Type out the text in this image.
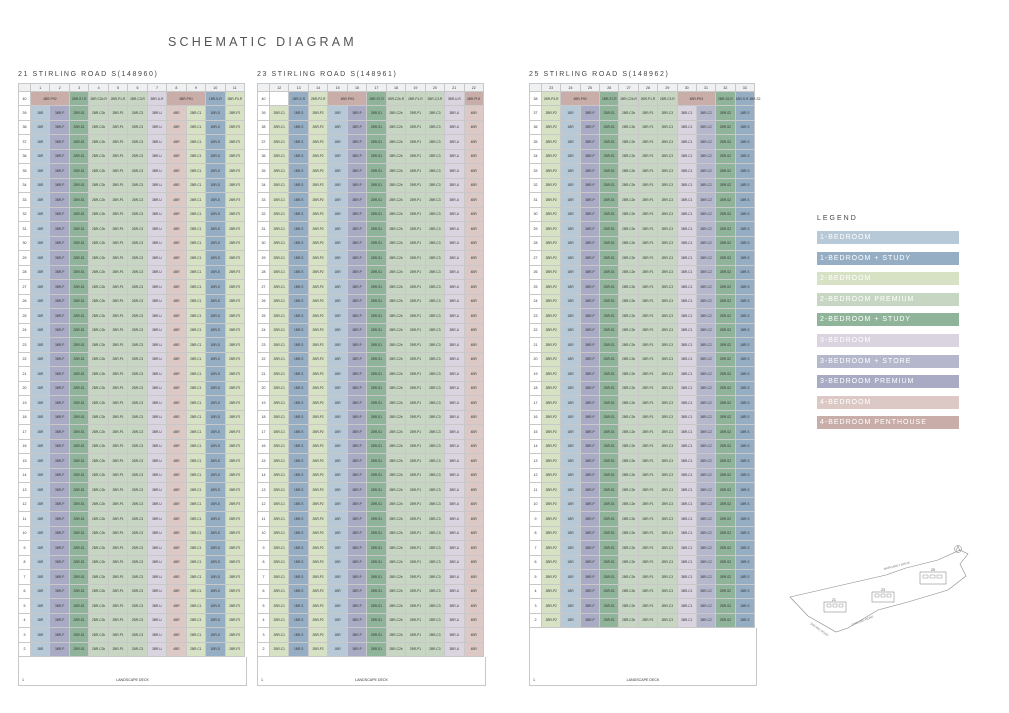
SCHEMATIC DIAGRAM
21 STIRLING ROAD S(148960)
	1	2	3	4	5	6	7	8	9	10	11
40	4BR-PH2		2BR-S7-R	2BR-C2b-R	2BR-P1-R	2BR-C3-R	3BR-U-R	4BR-PH1		1BR-S-R	2BR-P3-R
39	1BR	3BR-P	2BR-S1	2BR-C2b	2BR-P1	2BR-C3	3BR-U	4BR	2BR-C1	1BR-S	2BR-P2
38	1BR	3BR-P	2BR-S1	2BR-C2b	2BR-P1	2BR-C3	3BR-U	4BR	2BR-C1	1BR-S	2BR-P2
37	1BR	3BR-P	2BR-S1	2BR-C2b	2BR-P1	2BR-C3	3BR-U	4BR	2BR-C1	1BR-S	2BR-P2
36	1BR	3BR-P	2BR-S1	2BR-C2b	2BR-P1	2BR-C3	3BR-U	4BR	2BR-C1	1BR-S	2BR-P2
35	1BR	3BR-P	2BR-S1	2BR-C2b	2BR-P1	2BR-C3	3BR-U	4BR	2BR-C1	1BR-S	2BR-P2
34	1BR	3BR-P	2BR-S1	2BR-C2b	2BR-P1	2BR-C3	3BR-U	4BR	2BR-C1	1BR-S	2BR-P2
33	1BR	3BR-P	2BR-S1	2BR-C2b	2BR-P1	2BR-C3	3BR-U	4BR	2BR-C1	1BR-S	2BR-P2
32	1BR	3BR-P	2BR-S1	2BR-C2b	2BR-P1	2BR-C3	3BR-U	4BR	2BR-C1	1BR-S	2BR-P2
31	1BR	3BR-P	2BR-S1	2BR-C2b	2BR-P1	2BR-C3	3BR-U	4BR	2BR-C1	1BR-S	2BR-P2
30	1BR	3BR-P	2BR-S1	2BR-C2b	2BR-P1	2BR-C3	3BR-U	4BR	2BR-C1	1BR-S	2BR-P2
29	1BR	3BR-P	2BR-S1	2BR-C2b	2BR-P1	2BR-C3	3BR-U	4BR	2BR-C1	1BR-S	2BR-P2
28	1BR	3BR-P	2BR-S1	2BR-C2b	2BR-P1	2BR-C3	3BR-U	4BR	2BR-C1	1BR-S	2BR-P2
27	1BR	3BR-P	2BR-S1	2BR-C2b	2BR-P1	2BR-C3	3BR-U	4BR	2BR-C1	1BR-S	2BR-P2
26	1BR	3BR-P	2BR-S1	2BR-C2b	2BR-P1	2BR-C3	3BR-U	4BR	2BR-C1	1BR-S	2BR-P2
25	1BR	3BR-P	2BR-S1	2BR-C2b	2BR-P1	2BR-C3	3BR-U	4BR	2BR-C1	1BR-S	2BR-P2
24	1BR	3BR-P	2BR-S1	2BR-C2b	2BR-P1	2BR-C3	3BR-U	4BR	2BR-C1	1BR-S	2BR-P2
23	1BR	3BR-P	2BR-S1	2BR-C2b	2BR-P1	2BR-C3	3BR-U	4BR	2BR-C1	1BR-S	2BR-P2
22	1BR	3BR-P	2BR-S1	2BR-C2b	2BR-P1	2BR-C3	3BR-U	4BR	2BR-C1	1BR-S	2BR-P2
21	1BR	3BR-P	2BR-S1	2BR-C2b	2BR-P1	2BR-C3	3BR-U	4BR	2BR-C1	1BR-S	2BR-P2
20	1BR	3BR-P	2BR-S1	2BR-C2b	2BR-P1	2BR-C3	3BR-U	4BR	2BR-C1	1BR-S	2BR-P2
19	1BR	3BR-P	2BR-S1	2BR-C2b	2BR-P1	2BR-C3	3BR-U	4BR	2BR-C1	1BR-S	2BR-P2
18	1BR	3BR-P	2BR-S1	2BR-C2b	2BR-P1	2BR-C3	3BR-U	4BR	2BR-C1	1BR-S	2BR-P2
17	1BR	3BR-P	2BR-S1	2BR-C2b	2BR-P1	2BR-C3	3BR-U	4BR	2BR-C1	1BR-S	2BR-P2
16	1BR	3BR-P	2BR-S1	2BR-C2b	2BR-P1	2BR-C3	3BR-U	4BR	2BR-C1	1BR-S	2BR-P2
15	1BR	3BR-P	2BR-S1	2BR-C2b	2BR-P1	2BR-C3	3BR-U	4BR	2BR-C1	1BR-S	2BR-P2
14	1BR	3BR-P	2BR-S1	2BR-C2b	2BR-P1	2BR-C3	3BR-U	4BR	2BR-C1	1BR-S	2BR-P2
13	1BR	3BR-P	2BR-S1	2BR-C2b	2BR-P1	2BR-C3	3BR-U	4BR	2BR-C1	1BR-S	2BR-P2
12	1BR	3BR-P	2BR-S1	2BR-C2b	2BR-P1	2BR-C3	3BR-U	4BR	2BR-C1	1BR-S	2BR-P2
11	1BR	3BR-P	2BR-S1	2BR-C2b	2BR-P1	2BR-C3	3BR-U	4BR	2BR-C1	1BR-S	2BR-P2
10	1BR	3BR-P	2BR-S1	2BR-C2b	2BR-P1	2BR-C3	3BR-U	4BR	2BR-C1	1BR-S	2BR-P2
9	1BR	3BR-P	2BR-S1	2BR-C2b	2BR-P1	2BR-C3	3BR-U	4BR	2BR-C1	1BR-S	2BR-P2
8	1BR	3BR-P	2BR-S1	2BR-C2b	2BR-P1	2BR-C3	3BR-U	4BR	2BR-C1	1BR-S	2BR-P2
7	1BR	3BR-P	2BR-S1	2BR-C2b	2BR-P1	2BR-C3	3BR-U	4BR	2BR-C1	1BR-S	2BR-P2
6	1BR	3BR-P	2BR-S1	2BR-C2b	2BR-P1	2BR-C3	3BR-U	4BR	2BR-C1	1BR-S	2BR-P2
5	1BR	3BR-P	2BR-S1	2BR-C2b	2BR-P1	2BR-C3	3BR-U	4BR	2BR-C1	1BR-S	2BR-P2
4	1BR	3BR-P	2BR-S1	2BR-C2b	2BR-P1	2BR-C3	3BR-U	4BR	2BR-C1	1BR-S	2BR-P2
3	1BR	3BR-P	2BR-S1	2BR-C2b	2BR-P1	2BR-C3	3BR-U	4BR	2BR-C1	1BR-S	2BR-P2
2	1BR	3BR-P	2BR-S1	2BR-C2b	2BR-P1	2BR-C3	3BR-U	4BR	2BR-C1	1BR-S	2BR-P2
1	LANDSCAPE DECK
23 STIRLING ROAD S(148961)
	12	13	14	15	16	17	18	19	20	21	22
40		1BR-S-R	2BR-P2-R	4BR-PH3		2BR-S7-R	2BR-C2b-R	2BR-P1-R	2BR-C3-R	3BR-U-R	4BR-PH1
39	2BR-C1	1BR-S	2BR-P2	1BR	3BR-P	2BR-S1	2BR-C2b	2BR-P1	2BR-C3	3BR-U	4BR
38	2BR-C1	1BR-S	2BR-P2	1BR	3BR-P	2BR-S1	2BR-C2b	2BR-P1	2BR-C3	3BR-U	4BR
37	2BR-C1	1BR-S	2BR-P2	1BR	3BR-P	2BR-S1	2BR-C2b	2BR-P1	2BR-C3	3BR-U	4BR
36	2BR-C1	1BR-S	2BR-P2	1BR	3BR-P	2BR-S1	2BR-C2b	2BR-P1	2BR-C3	3BR-U	4BR
35	2BR-C1	1BR-S	2BR-P2	1BR	3BR-P	2BR-S1	2BR-C2b	2BR-P1	2BR-C3	3BR-U	4BR
34	2BR-C1	1BR-S	2BR-P2	1BR	3BR-P	2BR-S1	2BR-C2b	2BR-P1	2BR-C3	3BR-U	4BR
33	2BR-C1	1BR-S	2BR-P2	1BR	3BR-P	2BR-S1	2BR-C2b	2BR-P1	2BR-C3	3BR-U	4BR
32	2BR-C1	1BR-S	2BR-P2	1BR	3BR-P	2BR-S1	2BR-C2b	2BR-P1	2BR-C3	3BR-U	4BR
31	2BR-C1	1BR-S	2BR-P2	1BR	3BR-P	2BR-S1	2BR-C2b	2BR-P1	2BR-C3	3BR-U	4BR
30	2BR-C1	1BR-S	2BR-P2	1BR	3BR-P	2BR-S1	2BR-C2b	2BR-P1	2BR-C3	3BR-U	4BR
29	2BR-C1	1BR-S	2BR-P2	1BR	3BR-P	2BR-S1	2BR-C2b	2BR-P1	2BR-C3	3BR-U	4BR
28	2BR-C1	1BR-S	2BR-P2	1BR	3BR-P	2BR-S1	2BR-C2b	2BR-P1	2BR-C3	3BR-U	4BR
27	2BR-C1	1BR-S	2BR-P2	1BR	3BR-P	2BR-S1	2BR-C2b	2BR-P1	2BR-C3	3BR-U	4BR
26	2BR-C1	1BR-S	2BR-P2	1BR	3BR-P	2BR-S1	2BR-C2b	2BR-P1	2BR-C3	3BR-U	4BR
25	2BR-C1	1BR-S	2BR-P2	1BR	3BR-P	2BR-S1	2BR-C2b	2BR-P1	2BR-C3	3BR-U	4BR
24	2BR-C1	1BR-S	2BR-P2	1BR	3BR-P	2BR-S1	2BR-C2b	2BR-P1	2BR-C3	3BR-U	4BR
23	2BR-C1	1BR-S	2BR-P2	1BR	3BR-P	2BR-S1	2BR-C2b	2BR-P1	2BR-C3	3BR-U	4BR
22	2BR-C1	1BR-S	2BR-P2	1BR	3BR-P	2BR-S1	2BR-C2b	2BR-P1	2BR-C3	3BR-U	4BR
21	2BR-C1	1BR-S	2BR-P2	1BR	3BR-P	2BR-S1	2BR-C2b	2BR-P1	2BR-C3	3BR-U	4BR
20	2BR-C1	1BR-S	2BR-P2	1BR	3BR-P	2BR-S1	2BR-C2b	2BR-P1	2BR-C3	3BR-U	4BR
19	2BR-C1	1BR-S	2BR-P2	1BR	3BR-P	2BR-S1	2BR-C2b	2BR-P1	2BR-C3	3BR-U	4BR
18	2BR-C1	1BR-S	2BR-P2	1BR	3BR-P	2BR-S1	2BR-C2b	2BR-P1	2BR-C3	3BR-U	4BR
17	2BR-C1	1BR-S	2BR-P2	1BR	3BR-P	2BR-S1	2BR-C2b	2BR-P1	2BR-C3	3BR-U	4BR
16	2BR-C1	1BR-S	2BR-P2	1BR	3BR-P	2BR-S1	2BR-C2b	2BR-P1	2BR-C3	3BR-U	4BR
15	2BR-C1	1BR-S	2BR-P2	1BR	3BR-P	2BR-S1	2BR-C2b	2BR-P1	2BR-C3	3BR-U	4BR
14	2BR-C1	1BR-S	2BR-P2	1BR	3BR-P	2BR-S1	2BR-C2b	2BR-P1	2BR-C3	3BR-U	4BR
13	2BR-C1	1BR-S	2BR-P2	1BR	3BR-P	2BR-S1	2BR-C2b	2BR-P1	2BR-C3	3BR-U	4BR
12	2BR-C1	1BR-S	2BR-P2	1BR	3BR-P	2BR-S1	2BR-C2b	2BR-P1	2BR-C3	3BR-U	4BR
11	2BR-C1	1BR-S	2BR-P2	1BR	3BR-P	2BR-S1	2BR-C2b	2BR-P1	2BR-C3	3BR-U	4BR
10	2BR-C1	1BR-S	2BR-P2	1BR	3BR-P	2BR-S1	2BR-C2b	2BR-P1	2BR-C3	3BR-U	4BR
9	2BR-C1	1BR-S	2BR-P2	1BR	3BR-P	2BR-S1	2BR-C2b	2BR-P1	2BR-C3	3BR-U	4BR
8	2BR-C1	1BR-S	2BR-P2	1BR	3BR-P	2BR-S1	2BR-C2b	2BR-P1	2BR-C3	3BR-U	4BR
7	2BR-C1	1BR-S	2BR-P2	1BR	3BR-P	2BR-S1	2BR-C2b	2BR-P1	2BR-C3	3BR-U	4BR
6	2BR-C1	1BR-S	2BR-P2	1BR	3BR-P	2BR-S1	2BR-C2b	2BR-P1	2BR-C3	3BR-U	4BR
5	2BR-C1	1BR-S	2BR-P2	1BR	3BR-P	2BR-S1	2BR-C2b	2BR-P1	2BR-C3	3BR-U	4BR
4	2BR-C1	1BR-S	2BR-P2	1BR	3BR-P	2BR-S1	2BR-C2b	2BR-P1	2BR-C3	3BR-U	4BR
3	2BR-C1	1BR-S	2BR-P2	1BR	3BR-P	2BR-S1	2BR-C2b	2BR-P1	2BR-C3	3BR-U	4BR
2	2BR-C1	1BR-S	2BR-P2	1BR	3BR-P	2BR-S1	2BR-C2b	2BR-P1	2BR-C3	3BR-U	4BR
1	LANDSCAPE DECK
25 STIRLING ROAD S(148962)
	23	24	25	26	27	28	29	30	31	32	33
38	2BR-P3-R	4BR-PH2		2BR-S7-R	2BR-C2b-R	2BR-P1-R	2BR-C3-R	4BR-PH3		2BR-S2-R	1BR-S-R 4BR-S2
37	2BR-P2	1BR	3BR-P	2BR-S1	2BR-C2b	2BR-P1	2BR-C3	3BR-C1	3BR-C2	2BR-S2	1BR-S
36	2BR-P2	1BR	3BR-P	2BR-S1	2BR-C2b	2BR-P1	2BR-C3	3BR-C1	3BR-C2	2BR-S2	1BR-S
35	2BR-P2	1BR	3BR-P	2BR-S1	2BR-C2b	2BR-P1	2BR-C3	3BR-C1	3BR-C2	2BR-S2	1BR-S
34	2BR-P2	1BR	3BR-P	2BR-S1	2BR-C2b	2BR-P1	2BR-C3	3BR-C1	3BR-C2	2BR-S2	1BR-S
33	2BR-P2	1BR	3BR-P	2BR-S1	2BR-C2b	2BR-P1	2BR-C3	3BR-C1	3BR-C2	2BR-S2	1BR-S
32	2BR-P2	1BR	3BR-P	2BR-S1	2BR-C2b	2BR-P1	2BR-C3	3BR-C1	3BR-C2	2BR-S2	1BR-S
31	2BR-P2	1BR	3BR-P	2BR-S1	2BR-C2b	2BR-P1	2BR-C3	3BR-C1	3BR-C2	2BR-S2	1BR-S
30	2BR-P2	1BR	3BR-P	2BR-S1	2BR-C2b	2BR-P1	2BR-C3	3BR-C1	3BR-C2	2BR-S2	1BR-S
29	2BR-P2	1BR	3BR-P	2BR-S1	2BR-C2b	2BR-P1	2BR-C3	3BR-C1	3BR-C2	2BR-S2	1BR-S
28	2BR-P2	1BR	3BR-P	2BR-S1	2BR-C2b	2BR-P1	2BR-C3	3BR-C1	3BR-C2	2BR-S2	1BR-S
27	2BR-P2	1BR	3BR-P	2BR-S1	2BR-C2b	2BR-P1	2BR-C3	3BR-C1	3BR-C2	2BR-S2	1BR-S
26	2BR-P2	1BR	3BR-P	2BR-S1	2BR-C2b	2BR-P1	2BR-C3	3BR-C1	3BR-C2	2BR-S2	1BR-S
25	2BR-P2	1BR	3BR-P	2BR-S1	2BR-C2b	2BR-P1	2BR-C3	3BR-C1	3BR-C2	2BR-S2	1BR-S
24	2BR-P2	1BR	3BR-P	2BR-S1	2BR-C2b	2BR-P1	2BR-C3	3BR-C1	3BR-C2	2BR-S2	1BR-S
23	2BR-P2	1BR	3BR-P	2BR-S1	2BR-C2b	2BR-P1	2BR-C3	3BR-C1	3BR-C2	2BR-S2	1BR-S
22	2BR-P2	1BR	3BR-P	2BR-S1	2BR-C2b	2BR-P1	2BR-C3	3BR-C1	3BR-C2	2BR-S2	1BR-S
21	2BR-P2	1BR	3BR-P	2BR-S1	2BR-C2b	2BR-P1	2BR-C3	3BR-C1	3BR-C2	2BR-S2	1BR-S
20	2BR-P2	1BR	3BR-P	2BR-S1	2BR-C2b	2BR-P1	2BR-C3	3BR-C1	3BR-C2	2BR-S2	1BR-S
19	2BR-P2	1BR	3BR-P	2BR-S1	2BR-C2b	2BR-P1	2BR-C3	3BR-C1	3BR-C2	2BR-S2	1BR-S
18	2BR-P2	1BR	3BR-P	2BR-S1	2BR-C2b	2BR-P1	2BR-C3	3BR-C1	3BR-C2	2BR-S2	1BR-S
17	2BR-P2	1BR	3BR-P	2BR-S1	2BR-C2b	2BR-P1	2BR-C3	3BR-C1	3BR-C2	2BR-S2	1BR-S
16	2BR-P2	1BR	3BR-P	2BR-S1	2BR-C2b	2BR-P1	2BR-C3	3BR-C1	3BR-C2	2BR-S2	1BR-S
15	2BR-P2	1BR	3BR-P	2BR-S1	2BR-C2b	2BR-P1	2BR-C3	3BR-C1	3BR-C2	2BR-S2	1BR-S
14	2BR-P2	1BR	3BR-P	2BR-S1	2BR-C2b	2BR-P1	2BR-C3	3BR-C1	3BR-C2	2BR-S2	1BR-S
13	2BR-P2	1BR	3BR-P	2BR-S1	2BR-C2b	2BR-P1	2BR-C3	3BR-C1	3BR-C2	2BR-S2	1BR-S
12	2BR-P2	1BR	3BR-P	2BR-S1	2BR-C2b	2BR-P1	2BR-C3	3BR-C1	3BR-C2	2BR-S2	1BR-S
11	2BR-P2	1BR	3BR-P	2BR-S1	2BR-C2b	2BR-P1	2BR-C3	3BR-C1	3BR-C2	2BR-S2	1BR-S
10	2BR-P2	1BR	3BR-P	2BR-S1	2BR-C2b	2BR-P1	2BR-C3	3BR-C1	3BR-C2	2BR-S2	1BR-S
9	2BR-P2	1BR	3BR-P	2BR-S1	2BR-C2b	2BR-P1	2BR-C3	3BR-C1	3BR-C2	2BR-S2	1BR-S
8	2BR-P2	1BR	3BR-P	2BR-S1	2BR-C2b	2BR-P1	2BR-C3	3BR-C1	3BR-C2	2BR-S2	1BR-S
7	2BR-P2	1BR	3BR-P	2BR-S1	2BR-C2b	2BR-P1	2BR-C3	3BR-C1	3BR-C2	2BR-S2	1BR-S
6	2BR-P2	1BR	3BR-P	2BR-S1	2BR-C2b	2BR-P1	2BR-C3	3BR-C1	3BR-C2	2BR-S2	1BR-S
5	2BR-P2	1BR	3BR-P	2BR-S1	2BR-C2b	2BR-P1	2BR-C3	3BR-C1	3BR-C2	2BR-S2	1BR-S
4	2BR-P2	1BR	3BR-P	2BR-S1	2BR-C2b	2BR-P1	2BR-C3	3BR-C1	3BR-C2	2BR-S2	1BR-S
3	2BR-P2	1BR	3BR-P	2BR-S1	2BR-C2b	2BR-P1	2BR-C3	3BR-C1	3BR-C2	2BR-S2	1BR-S
2	2BR-P2	1BR	3BR-P	2BR-S1	2BR-C2b	2BR-P1	2BR-C3	3BR-C1	3BR-C2	2BR-S2	1BR-S
1	LANDSCAPE DECK
LEGEND
1-BEDROOM
1-BEDROOM + STUDY
2-BEDROOM
2-BEDROOM PREMIUM
2-BEDROOM + STUDY
3-BEDROOM
3-BEDROOM + STORE
3-BEDROOM PREMIUM
4-BEDROOM
4-BEDROOM PENTHOUSE
21
23
25
SIRLING ROAD
STIRLING ROAD
MARGARET DRIVE
